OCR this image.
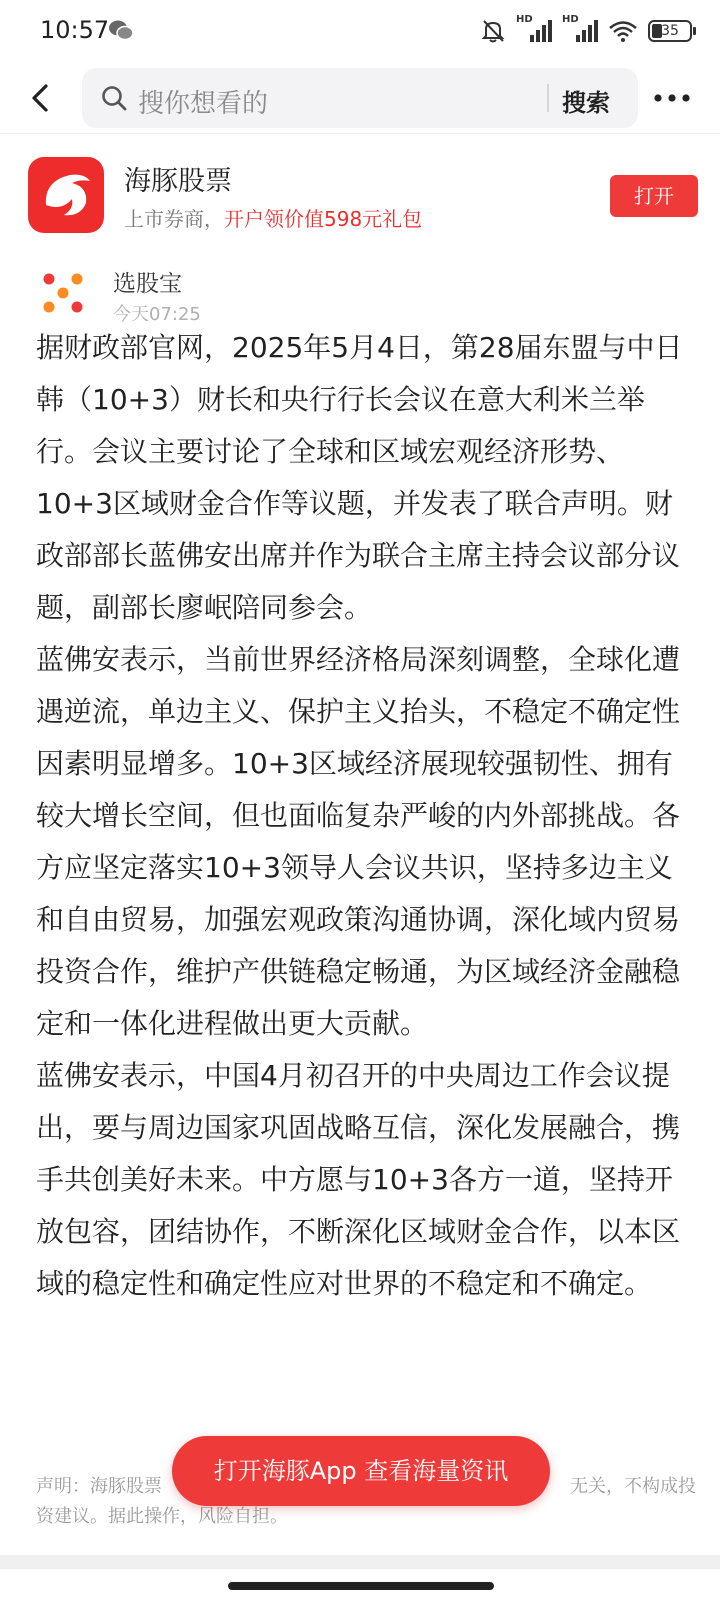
10:57	HD	HD
35
搜你想看的	搜索
海豚股票
上市券商，开户领价值598元礼包
打开
选股宝
今天07:25

据财政部官网，2025年5月4日，第28届东盟与中日韩（10+3）财长和央行行长会议在意大利米兰举行。会议主要讨论了全球和区域宏观经济形势、10+3区域财金合作等议题，并发表了联合声明。财政部部长蓝佛安出席并作为联合主席主持会议部分议题，副部长廖岷陪同参会。

蓝佛安表示，当前世界经济格局深刻调整，全球化遭遇逆流，单边主义、保护主义抬头，不稳定不确定性因素明显增多。10+3区域经济展现较强韧性、拥有较大增长空间，但也面临复杂严峻的内外部挑战。各方应坚定落实10+3领导人会议共识，坚持多边主义和自由贸易，加强宏观政策沟通协调，深化域内贸易投资合作，维护产供链稳定畅通，为区域经济金融稳定和一体化进程做出更大贡献。

蓝佛安表示，中国4月初召开的中央周边工作会议提出，要与周边国家巩固战略互信，深化发展融合，携手共创美好未来。中方愿与10+3各方一道，坚持开放包容，团结协作，不断深化区域财金合作，以本区域的稳定性和确定性应对世界的不稳定和不确定。

声明：海豚股票	无关，不构成投
资建议。据此操作，风险自担。
打开海豚App 查看海量资讯
